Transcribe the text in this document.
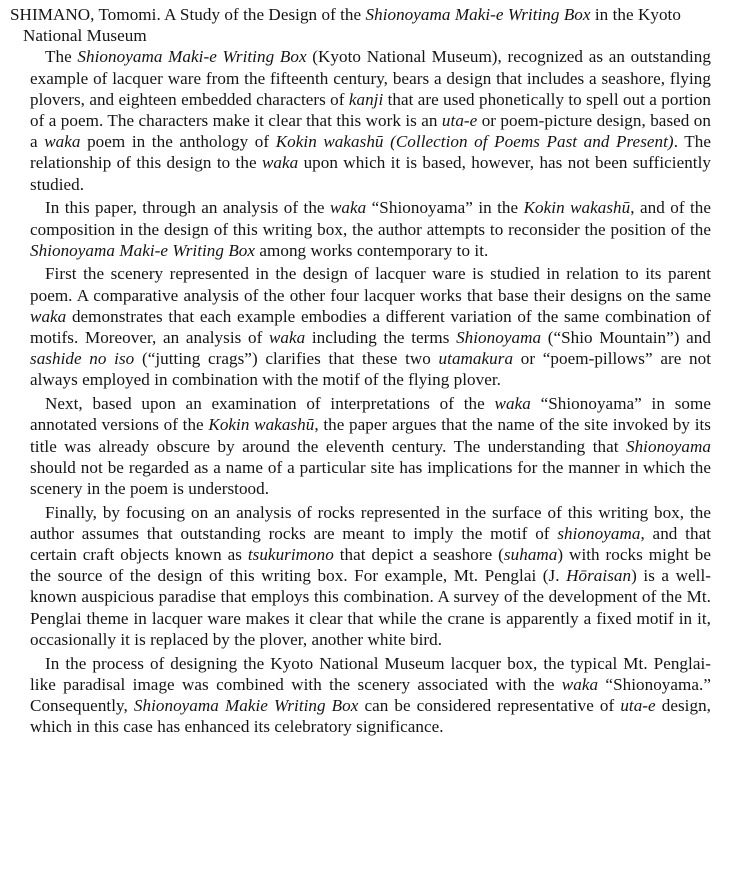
SHIMANO, Tomomi. A Study of the Design of the Shionoyama Maki-e Writing Box in the Kyoto National Museum

The Shionoyama Maki-e Writing Box (Kyoto National Museum), recognized as an outstanding example of lacquer ware from the fifteenth century, bears a design that includes a seashore, flying plovers, and eighteen embedded characters of kanji that are used phonetically to spell out a portion of a poem. The characters make it clear that this work is an uta-e or poem-picture design, based on a waka poem in the anthology of Kokin wakashū (Collection of Poems Past and Present). The relationship of this design to the waka upon which it is based, however, has not been sufficiently studied.

In this paper, through an analysis of the waka “Shionoyama” in the Kokin wakashū, and of the composition in the design of this writing box, the author attempts to reconsider the position of the Shionoyama Maki-e Writing Box among works contemporary to it.

First the scenery represented in the design of lacquer ware is studied in relation to its parent poem. A comparative analysis of the other four lacquer works that base their designs on the same waka demonstrates that each example embodies a different variation of the same combination of motifs. Moreover, an analysis of waka including the terms Shionoyama (“Shio Mountain”) and sashide no iso (“jutting crags”) clarifies that these two utamakura or “poem-pillows” are not always employed in combination with the motif of the flying plover.

Next, based upon an examination of interpretations of the waka “Shionoyama” in some annotated versions of the Kokin wakashū, the paper argues that the name of the site invoked by its title was already obscure by around the eleventh century. The understanding that Shionoyama should not be regarded as a name of a particular site has implications for the manner in which the scenery in the poem is understood.

Finally, by focusing on an analysis of rocks represented in the surface of this writing box, the author assumes that outstanding rocks are meant to imply the motif of shionoyama, and that certain craft objects known as tsukurimono that depict a seashore (suhama) with rocks might be the source of the design of this writing box. For example, Mt. Penglai (J. Hōraisan) is a well-known auspicious paradise that employs this combination. A survey of the development of the Mt. Penglai theme in lacquer ware makes it clear that while the crane is apparently a fixed motif in it, occasionally it is replaced by the plover, another white bird.

In the process of designing the Kyoto National Museum lacquer box, the typical Mt. Penglai-like paradisal image was combined with the scenery associated with the waka “Shionoyama.” Consequently, Shionoyama Makie Writing Box can be considered representative of uta-e design, which in this case has enhanced its celebratory significance.
